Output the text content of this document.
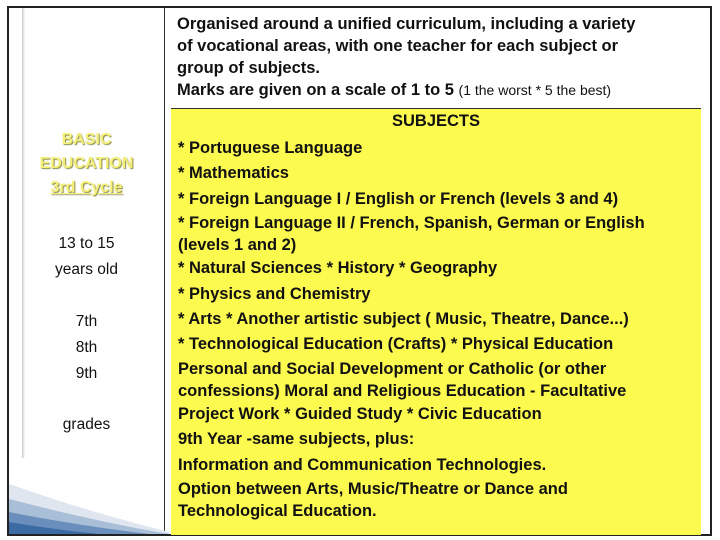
BASIC
EDUCATION
3rd Cycle
13 to 15
years old
7th
8th
9th
grades
Organised around a unified curriculum, including a variety
of vocational areas, with one teacher for each subject or
group of subjects.
Marks are given on a scale of 1 to 5 (1 the worst * 5 the best)
SUBJECTS
* Portuguese Language
* Mathematics
* Foreign Language I / English or French (levels 3 and 4)
* Foreign Language II / French, Spanish, German or English
(levels 1 and 2)
* Natural Sciences * History * Geography
* Physics and Chemistry
* Arts * Another artistic subject ( Music, Theatre, Dance...)
* Technological Education (Crafts) * Physical Education
Personal and Social Development or Catholic (or other
confessions) Moral and Religious Education - Facultative
Project Work * Guided Study * Civic Education
9th Year -same subjects, plus:
Information and Communication Technologies.
Option between Arts, Music/Theatre or Dance and
Technological Education.
